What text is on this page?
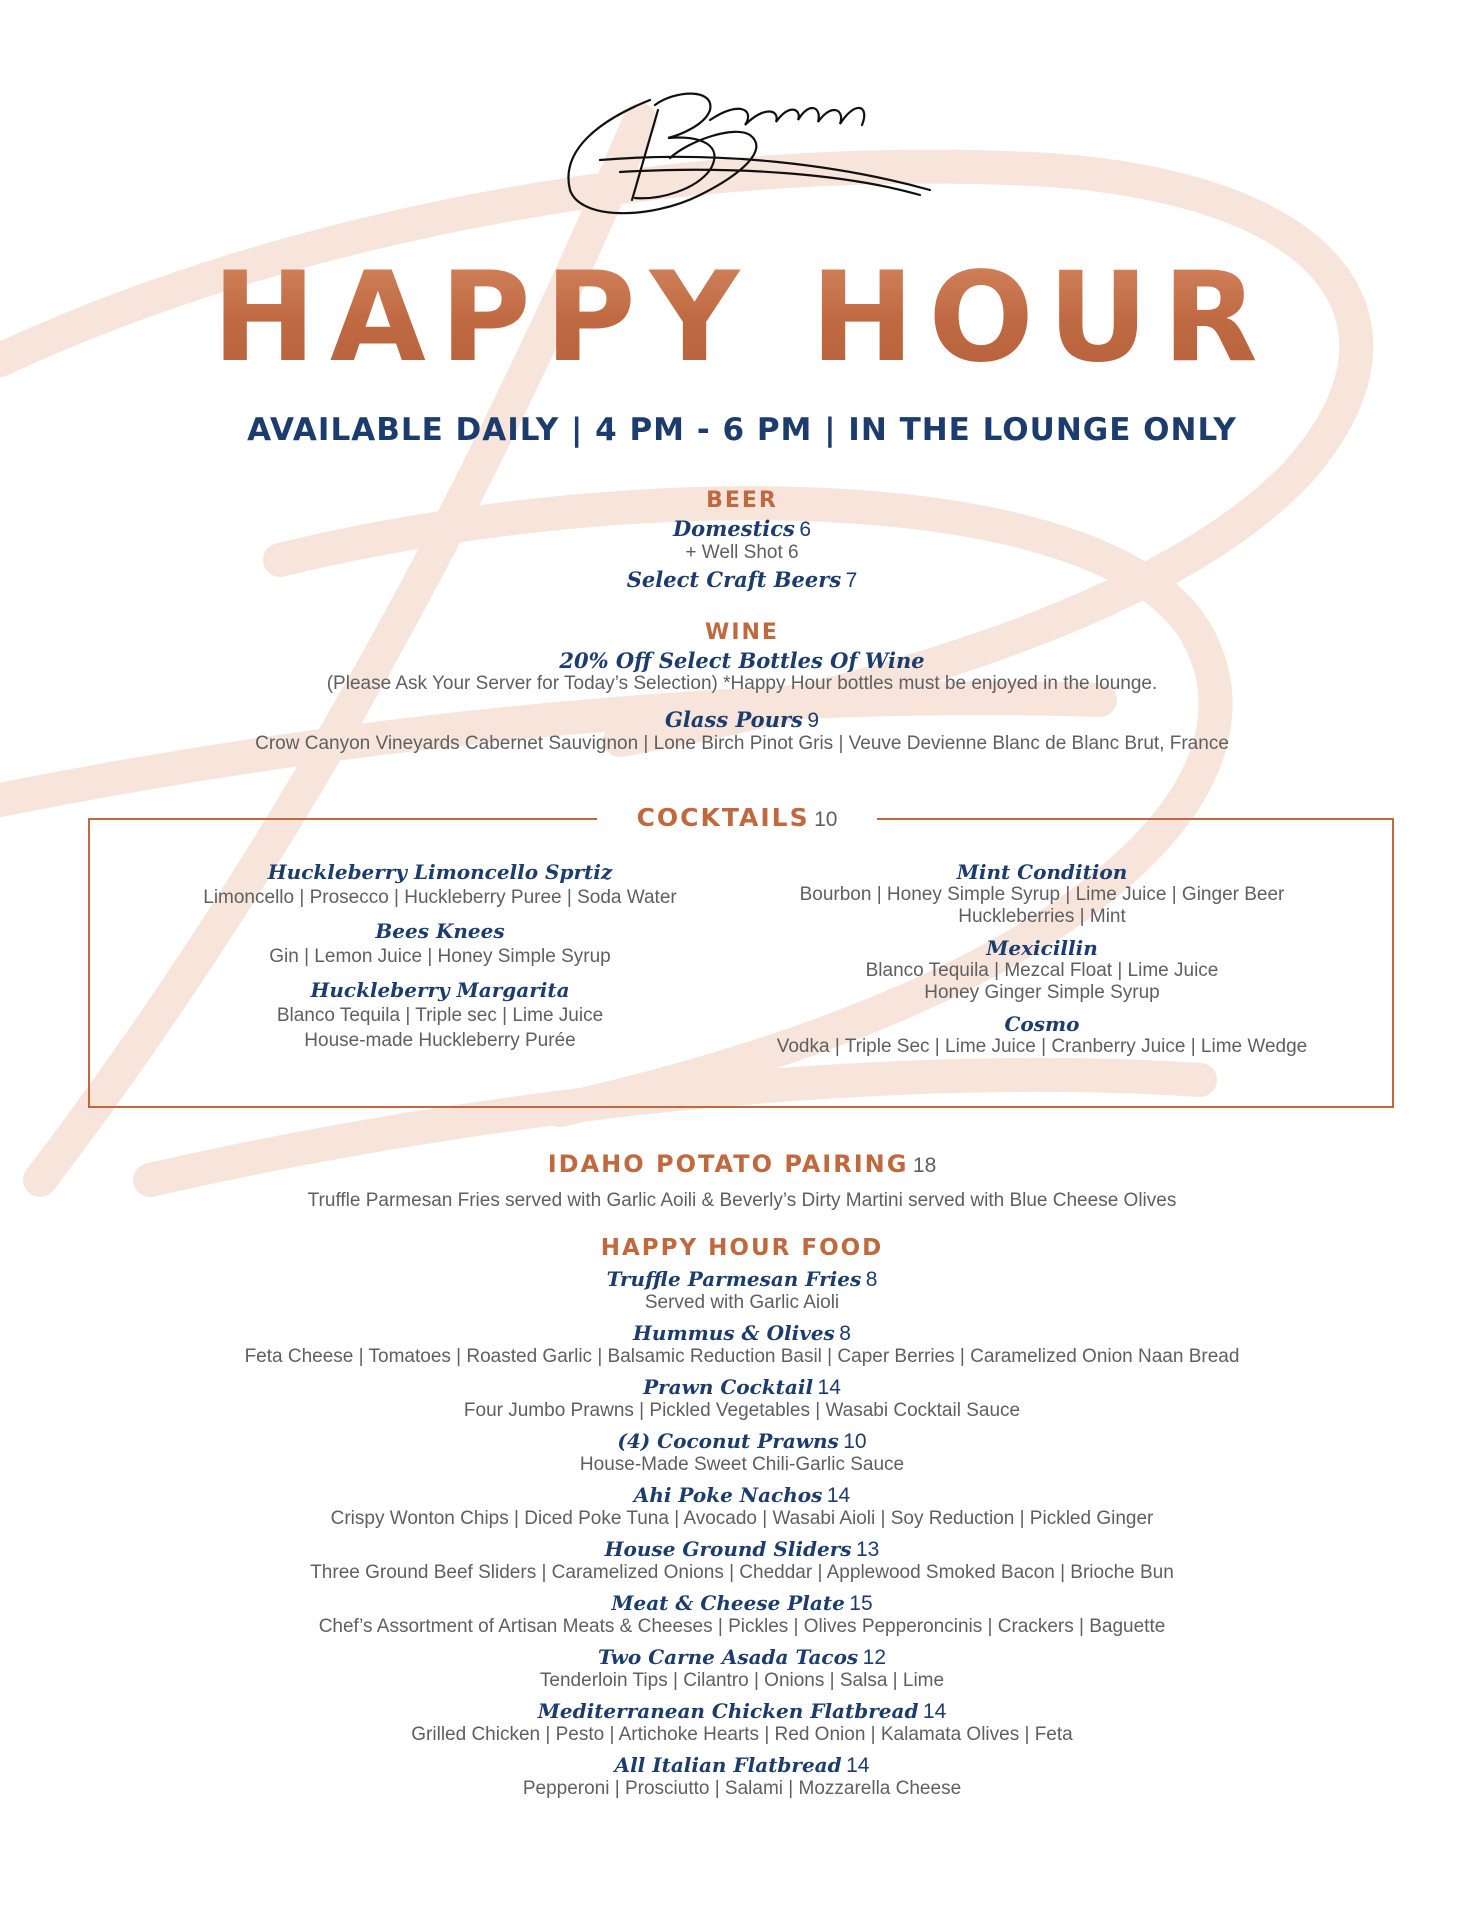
HAPPY HOUR
AVAILABLE DAILY | 4 PM - 6 PM | IN THE LOUNGE ONLY
BEER
Domestics 6
+ Well Shot 6
Select Craft Beers 7
WINE
20% Off Select Bottles Of Wine
(Please Ask Your Server for Today’s Selection) *Happy Hour bottles must be enjoyed in the lounge.
Glass Pours 9
Crow Canyon Vineyards Cabernet Sauvignon | Lone Birch Pinot Gris | Veuve Devienne Blanc de Blanc Brut, France
COCKTAILS 10
Huckleberry Limoncello Sprtiz
Limoncello | Prosecco | Huckleberry Puree | Soda Water
Bees Knees
Gin | Lemon Juice | Honey Simple Syrup
Huckleberry Margarita
Blanco Tequila | Triple sec | Lime Juice
House-made Huckleberry Purée
Mint Condition
Bourbon | Honey Simple Syrup | Lime Juice | Ginger Beer
Huckleberries | Mint
Mexicillin
Blanco Tequila | Mezcal Float | Lime Juice
Honey Ginger Simple Syrup
Cosmo
Vodka | Triple Sec | Lime Juice | Cranberry Juice | Lime Wedge
IDAHO POTATO PAIRING 18
Truffle Parmesan Fries served with Garlic Aoili & Beverly’s Dirty Martini served with Blue Cheese Olives
HAPPY HOUR FOOD
Truffle Parmesan Fries 8
Served with Garlic Aioli
Hummus & Olives 8
Feta Cheese | Tomatoes | Roasted Garlic | Balsamic Reduction Basil | Caper Berries | Caramelized Onion Naan Bread
Prawn Cocktail 14
Four Jumbo Prawns | Pickled Vegetables | Wasabi Cocktail Sauce
(4) Coconut Prawns 10
House-Made Sweet Chili-Garlic Sauce
Ahi Poke Nachos 14
Crispy Wonton Chips | Diced Poke Tuna | Avocado | Wasabi Aioli | Soy Reduction | Pickled Ginger
House Ground Sliders 13
Three Ground Beef Sliders | Caramelized Onions | Cheddar | Applewood Smoked Bacon | Brioche Bun
Meat & Cheese Plate 15
Chef’s Assortment of Artisan Meats & Cheeses | Pickles | Olives Pepperoncinis | Crackers | Baguette
Two Carne Asada Tacos 12
Tenderloin Tips | Cilantro | Onions | Salsa | Lime
Mediterranean Chicken Flatbread 14
Grilled Chicken | Pesto | Artichoke Hearts | Red Onion | Kalamata Olives | Feta
All Italian Flatbread 14
Pepperoni | Prosciutto | Salami | Mozzarella Cheese
